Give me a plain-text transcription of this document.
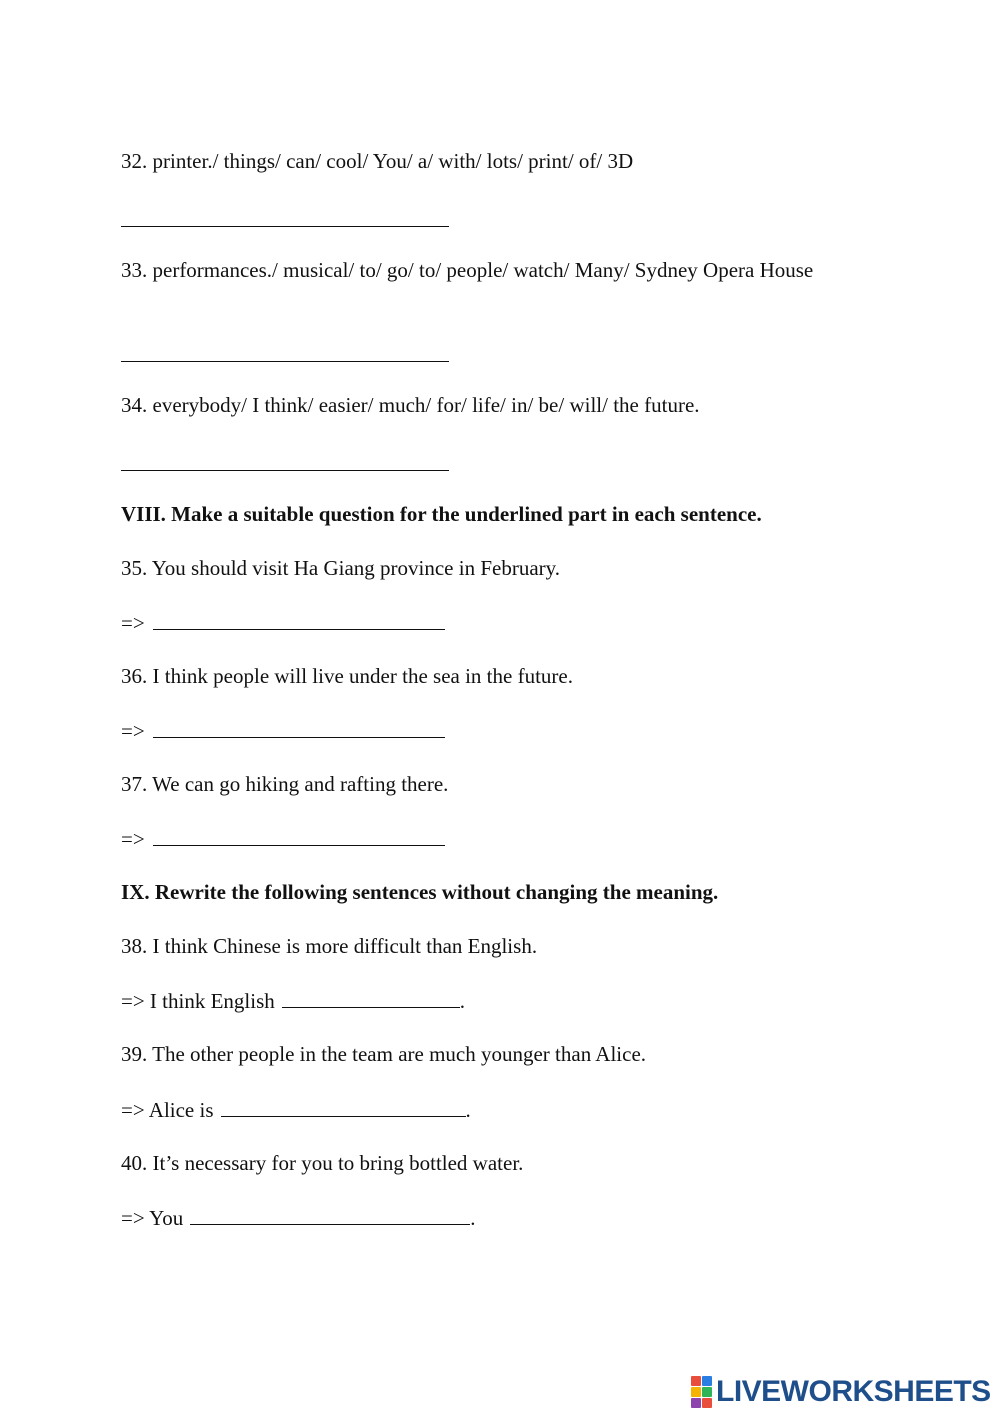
32. printer./ things/ can/ cool/ You/ a/ with/ lots/ print/ of/ 3D
33. performances./ musical/ to/ go/ to/ people/ watch/ Many/ Sydney Opera House
34. everybody/ I think/ easier/ much/ for/ life/ in/ be/ will/ the future.
VIII. Make a suitable question for the underlined part in each sentence.
35. You should visit Ha Giang province in February.
=>
36. I think people will live under the sea in the future.
=>
37. We can go hiking and rafting there.
=>
IX. Rewrite the following sentences without changing the meaning.
38. I think Chinese is more difficult than English.
=> I think English	.
39. The other people in the team are much younger than Alice.
=> Alice is	.
40. It’s necessary for you to bring bottled water.
=> You	.
LIVEWORKSHEETS
